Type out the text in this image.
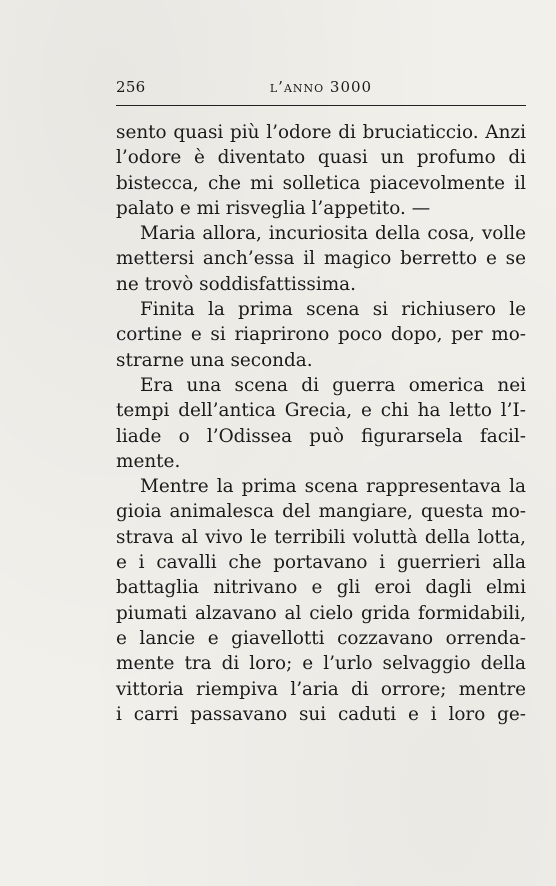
256	l’anno 3000
sento quasi più l’odore di bruciaticcio. Anzi
l’odore è diventato quasi un profumo di
bistecca, che mi solletica piacevolmente il
palato e mi risveglia l’appetito. —
Maria allora, incuriosita della cosa, volle
mettersi anch’essa il magico berretto e se
ne trovò soddisfattissima.
Finita la prima scena si richiusero le
cortine e si riaprirono poco dopo, per mo-
strarne una seconda.
Era una scena di guerra omerica nei
tempi dell’antica Grecia, e chi ha letto l’I-
liade o l’Odissea può figurarsela facil-
mente.
Mentre la prima scena rappresentava la
gioia animalesca del mangiare, questa mo-
strava al vivo le terribili voluttà della lotta,
e i cavalli che portavano i guerrieri alla
battaglia nitrivano e gli eroi dagli elmi
piumati alzavano al cielo grida formidabili,
e lancie e giavellotti cozzavano orrenda-
mente tra di loro; e l’urlo selvaggio della
vittoria riempiva l’aria di orrore; mentre
i carri passavano sui caduti e i loro ge-
